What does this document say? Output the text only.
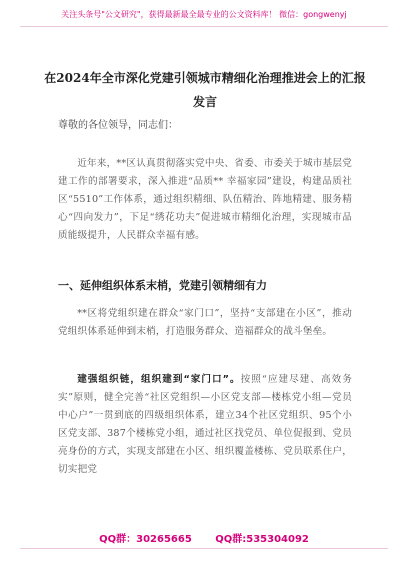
关注头条号"公文研究"，获得最新最全最专业的公文资料库！ 微信：gongwenyj
在2024年全市深化党建引领城市精细化治理推进会上的汇报发言
尊敬的各位领导，同志们：
近年来，**区认真贯彻落实党中央、省委、市委关于城市基层党建工作的部署要求，深入推进“品质** 幸福家园”建设，构建品质社区“5510”工作体系，通过组织精细、队伍精治、阵地精建、服务精心“四向发力”，下足“绣花功夫”促进城市精细化治理，实现城市品质能级提升，人民群众幸福有感。
一、延伸组织体系末梢，党建引领精细有力
**区将党组织建在群众“家门口”，坚持“支部建在小区”，推动党组织体系延伸到末梢，打造服务群众、造福群众的战斗堡垒。
建强组织链，组织建到“家门口”。按照“应建尽建、高效务实”原则，健全完善“社区党组织—小区党支部—楼栋党小组—党员中心户”一贯到底的四级组织体系，建立34个社区党组织、95个小区党支部、387个楼栋党小组，通过社区找党员、单位促报到、党员亮身份的方式，实现支部建在小区、组织覆盖楼栋、党员联系住户，切实把党
QQ群：30265665 QQ群:535304092
